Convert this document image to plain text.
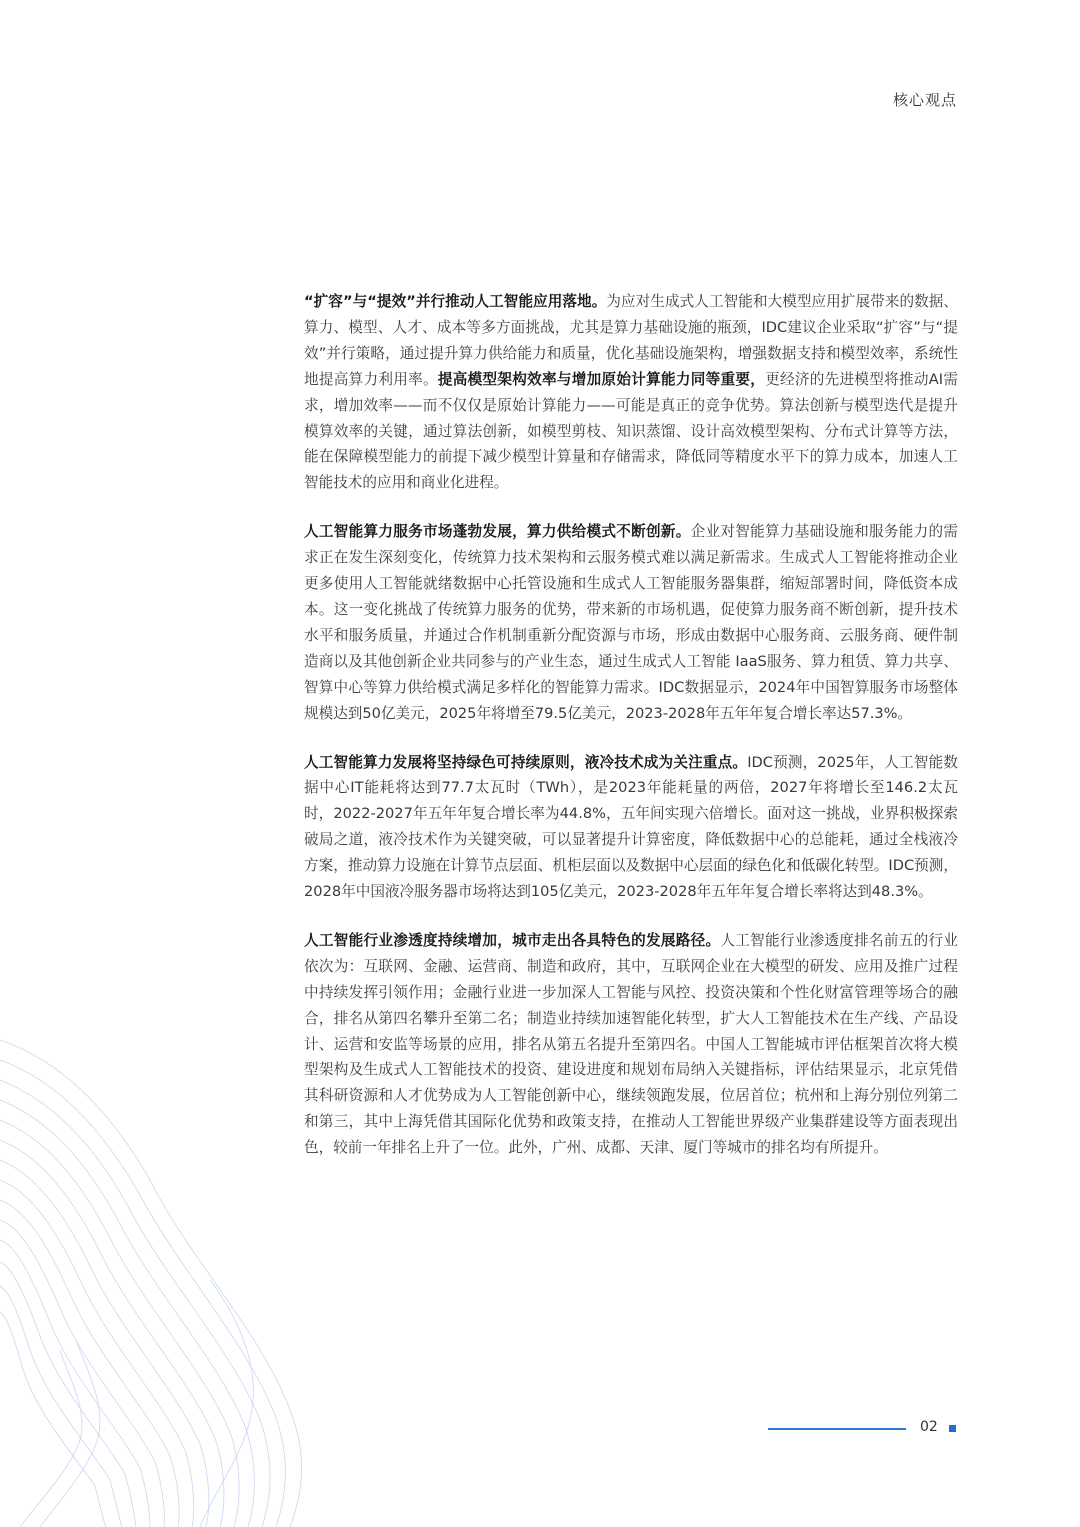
核心观点

“扩容”与“提效”并行推动人工智能应用落地。为应对生成式人工智能和大模型应用扩展带来的数据、算力、模型、人才、成本等多方面挑战，尤其是算力基础设施的瓶颈，IDC建议企业采取“扩容”与“提效”并行策略，通过提升算力供给能力和质量，优化基础设施架构，增强数据支持和模型效率，系统性地提高算力利用率。提高模型架构效率与增加原始计算能力同等重要，更经济的先进模型将推动AI需求，增加效率——而不仅仅是原始计算能力——可能是真正的竞争优势。算法创新与模型迭代是提升模算效率的关键，通过算法创新，如模型剪枝、知识蒸馏、设计高效模型架构、分布式计算等方法，能在保障模型能力的前提下减少模型计算量和存储需求，降低同等精度水平下的算力成本，加速人工智能技术的应用和商业化进程。

人工智能算力服务市场蓬勃发展，算力供给模式不断创新。企业对智能算力基础设施和服务能力的需求正在发生深刻变化，传统算力技术架构和云服务模式难以满足新需求。生成式人工智能将推动企业更多使用人工智能就绪数据中心托管设施和生成式人工智能服务器集群，缩短部署时间，降低资本成本。这一变化挑战了传统算力服务的优势，带来新的市场机遇，促使算力服务商不断创新，提升技术水平和服务质量，并通过合作机制重新分配资源与市场，形成由数据中心服务商、云服务商、硬件制造商以及其他创新企业共同参与的产业生态，通过生成式人工智能 IaaS服务、算力租赁、算力共享、智算中心等算力供给模式满足多样化的智能算力需求。IDC数据显示，2024年中国智算服务市场整体规模达到50亿美元，2025年将增至79.5亿美元，2023-2028年五年年复合增长率达57.3%。

人工智能算力发展将坚持绿色可持续原则，液冷技术成为关注重点。IDC预测，2025年，人工智能数据中心IT能耗将达到77.7太瓦时（TWh），是2023年能耗量的两倍，2027年将增长至146.2太瓦时，2022-2027年五年年复合增长率为44.8%，五年间实现六倍增长。面对这一挑战，业界积极探索破局之道，液冷技术作为关键突破，可以显著提升计算密度，降低数据中心的总能耗，通过全栈液冷方案，推动算力设施在计算节点层面、机柜层面以及数据中心层面的绿色化和低碳化转型。IDC预测，2028年中国液冷服务器市场将达到105亿美元，2023-2028年五年年复合增长率将达到48.3%。

人工智能行业渗透度持续增加，城市走出各具特色的发展路径。人工智能行业渗透度排名前五的行业依次为：互联网、金融、运营商、制造和政府，其中，互联网企业在大模型的研发、应用及推广过程中持续发挥引领作用；金融行业进一步加深人工智能与风控、投资决策和个性化财富管理等场合的融合，排名从第四名攀升至第二名；制造业持续加速智能化转型，扩大人工智能技术在生产线、产品设计、运营和安监等场景的应用，排名从第五名提升至第四名。中国人工智能城市评估框架首次将大模型架构及生成式人工智能技术的投资、建设进度和规划布局纳入关键指标，评估结果显示，北京凭借其科研资源和人才优势成为人工智能创新中心，继续领跑发展，位居首位；杭州和上海分别位列第二和第三，其中上海凭借其国际化优势和政策支持，在推动人工智能世界级产业集群建设等方面表现出色，较前一年排名上升了一位。此外，广州、成都、天津、厦门等城市的排名均有所提升。

02
